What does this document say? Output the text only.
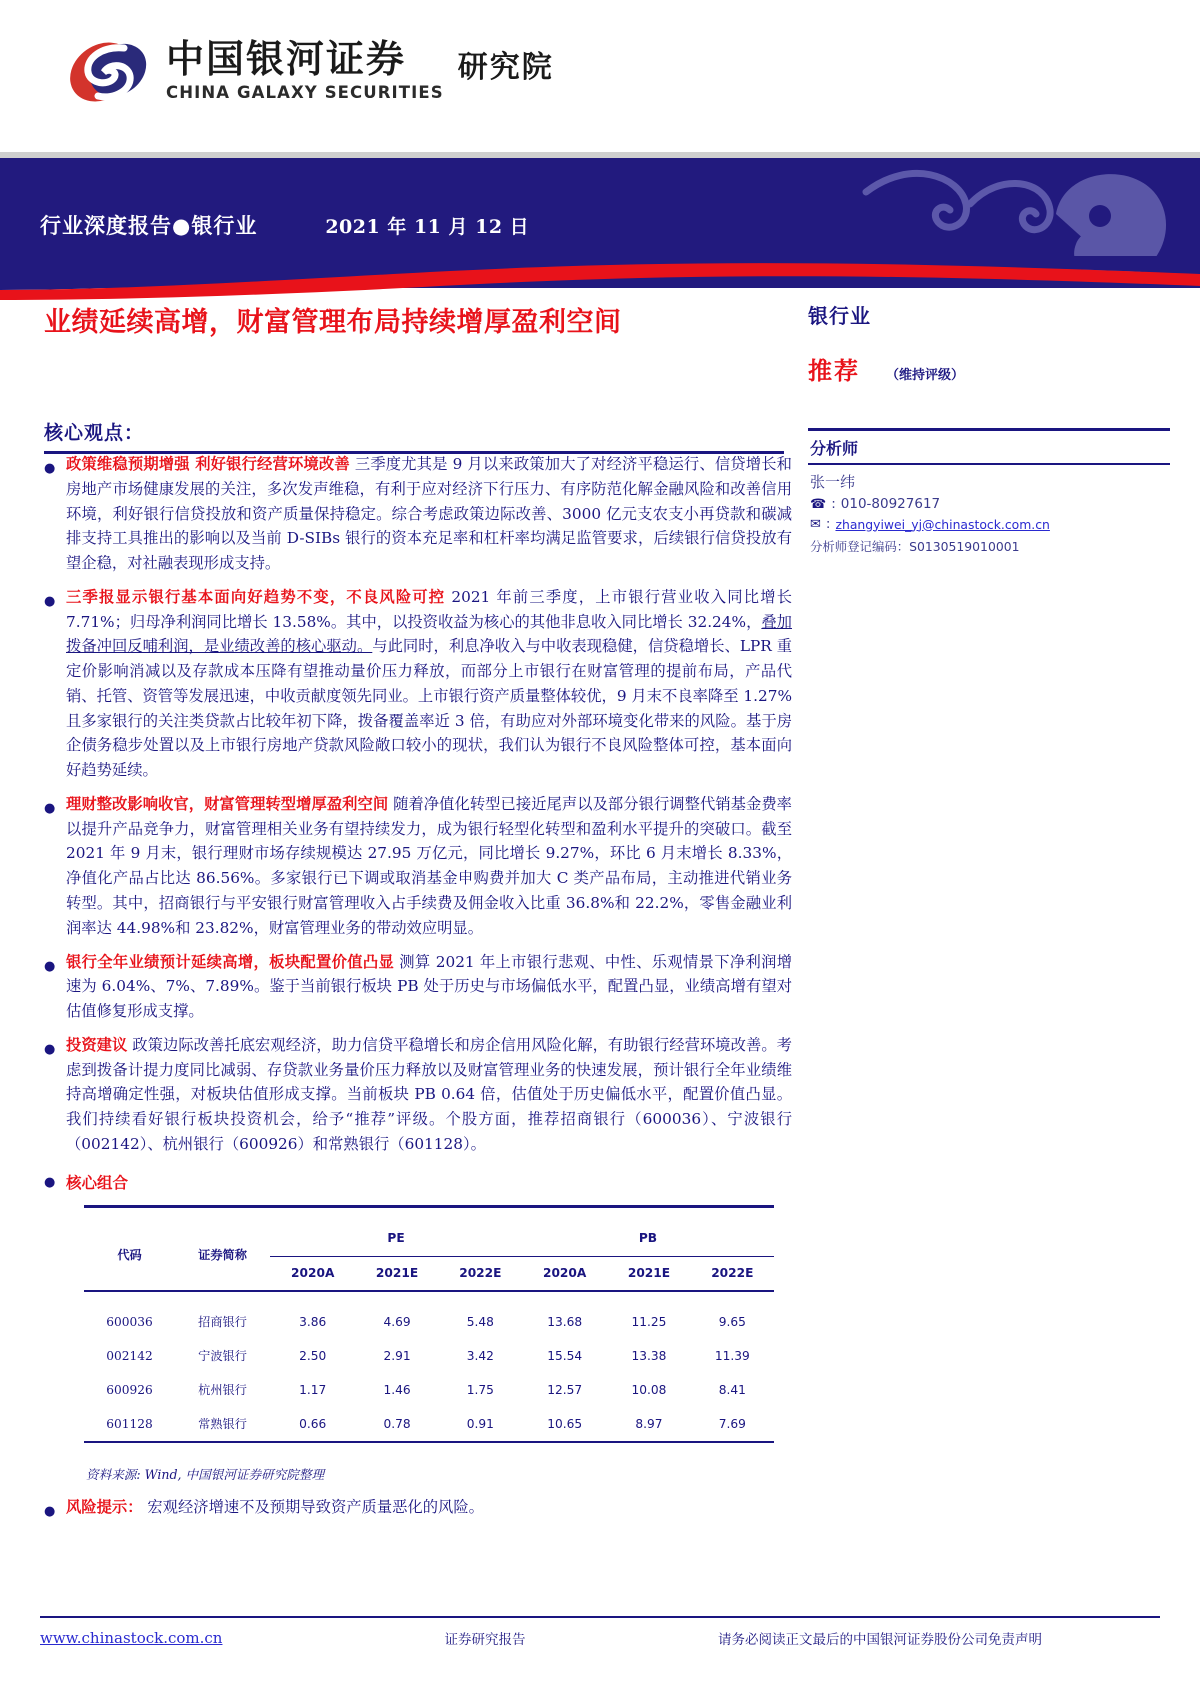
中国银河证券
CHINA GALAXY SECURITIES
研究院
行业深度报告●银行业	2021 年 11 月 12 日
业绩延续高增，财富管理布局持续增厚盈利空间	银行业
推荐 （维持评级）
分析师
张一纬
☎ : 010-80927617
✉ : zhangyiwei_yj@chinastock.com.cn
分析师登记编码：S0130519010001
核心观点：
●
政策维稳预期增强 利好银行经营环境改善 三季度尤其是 9 月以来政策加大了对经济平稳运行、信贷增长和房地产市场健康发展的关注，多次发声维稳，有利于应对经济下行压力、有序防范化解金融风险和改善信用环境，利好银行信贷投放和资产质量保持稳定。综合考虑政策边际改善、3000 亿元支农支小再贷款和碳减排支持工具推出的影响以及当前 D-SIBs 银行的资本充足率和杠杆率均满足监管要求，后续银行信贷投放有望企稳，对社融表现形成支持。
●
三季报显示银行基本面向好趋势不变，不良风险可控 2021 年前三季度，上市银行营业收入同比增长 7.71%；归母净利润同比增长 13.58%。其中，以投资收益为核心的其他非息收入同比增长 32.24%，叠加拨备冲回反哺利润，是业绩改善的核心驱动。与此同时，利息净收入与中收表现稳健，信贷稳增长、LPR 重定价影响消减以及存款成本压降有望推动量价压力释放，而部分上市银行在财富管理的提前布局，产品代销、托管、资管等发展迅速，中收贡献度领先同业。上市银行资产质量整体较优，9 月末不良率降至 1.27%且多家银行的关注类贷款占比较年初下降，拨备覆盖率近 3 倍，有助应对外部环境变化带来的风险。基于房企债务稳步处置以及上市银行房地产贷款风险敞口较小的现状，我们认为银行不良风险整体可控，基本面向好趋势延续。
●
理财整改影响收官，财富管理转型增厚盈利空间 随着净值化转型已接近尾声以及部分银行调整代销基金费率以提升产品竞争力，财富管理相关业务有望持续发力，成为银行轻型化转型和盈利水平提升的突破口。截至 2021 年 9 月末，银行理财市场存续规模达 27.95 万亿元，同比增长 9.27%，环比 6 月末增长 8.33%，净值化产品占比达 86.56%。多家银行已下调或取消基金申购费并加大 C 类产品布局，主动推进代销业务转型。其中，招商银行与平安银行财富管理收入占手续费及佣金收入比重 36.8%和 22.2%，零售金融业利润率达 44.98%和 23.82%，财富管理业务的带动效应明显。
●
银行全年业绩预计延续高增，板块配置价值凸显 测算 2021 年上市银行悲观、中性、乐观情景下净利润增速为 6.04%、7%、7.89%。鉴于当前银行板块 PB 处于历史与市场偏低水平，配置凸显，业绩高增有望对估值修复形成支撑。
●
投资建议 政策边际改善托底宏观经济，助力信贷平稳增长和房企信用风险化解，有助银行经营环境改善。考虑到拨备计提力度同比减弱、存贷款业务量价压力释放以及财富管理业务的快速发展，预计银行全年业绩维持高增确定性强，对板块估值形成支撑。当前板块 PB 0.64 倍，估值处于历史偏低水平，配置价值凸显。我们持续看好银行板块投资机会，给予“推荐”评级。个股方面，推荐招商银行（600036）、宁波银行（002142）、杭州银行（600926）和常熟银行（601128）。
●
核心组合

代码	证券简称	PE			PB		
		2020A	2021E	2022E	2020A	2021E	2022E

600036	招商银行	3.86	4.69	5.48	13.68	11.25	9.65
002142	宁波银行	2.50	2.91	3.42	15.54	13.38	11.39
600926	杭州银行	1.17	1.46	1.75	12.57	10.08	8.41
601128	常熟银行	0.66	0.78	0.91	10.65	8.97	7.69

资料来源: Wind, 中国银河证券研究院整理
●
风险提示： 宏观经济增速不及预期导致资产质量恶化的风险。
www.chinastock.com.cn	证券研究报告	请务必阅读正文最后的中国银河证券股份公司免责声明
